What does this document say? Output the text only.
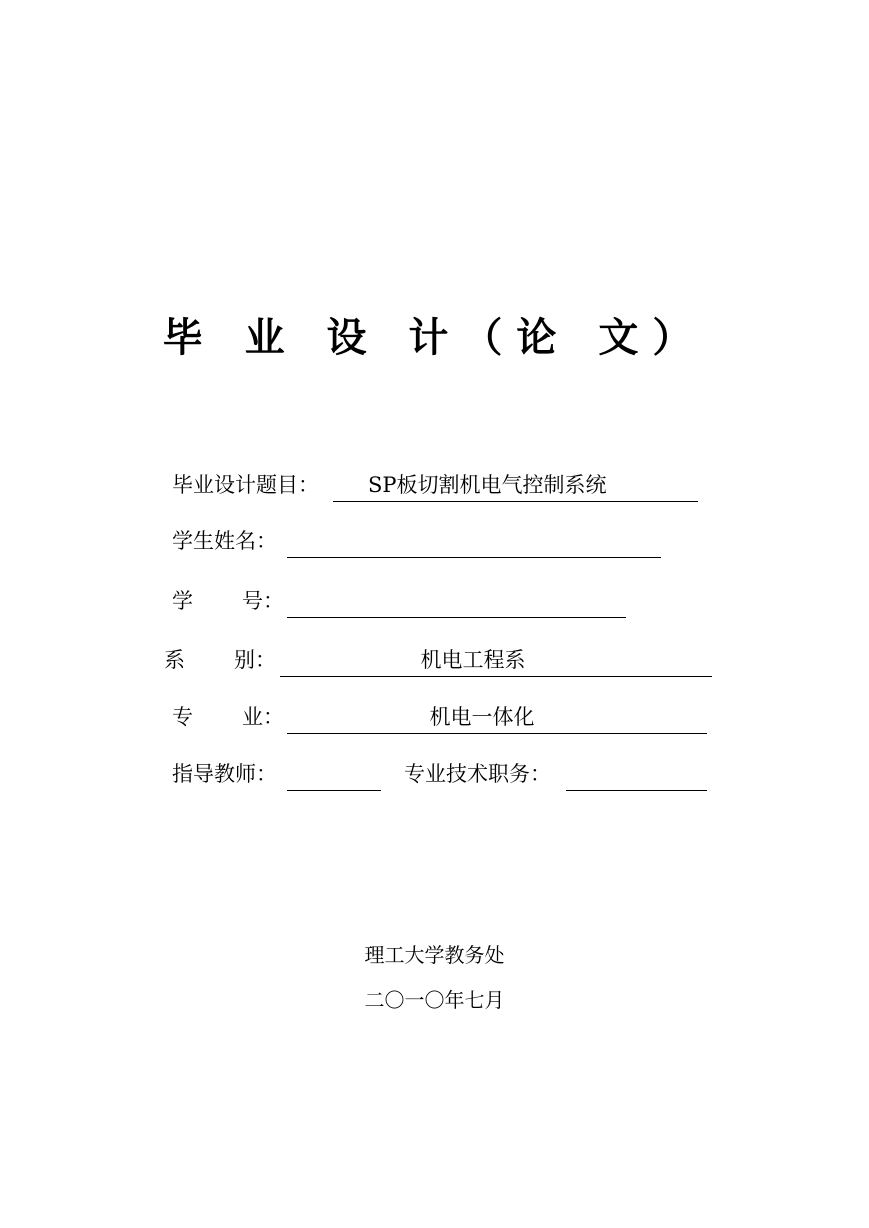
毕 业 设 计（论 文）
毕业设计题目：	SP板切割机电气控制系统
学生姓名：
学 号：
系 别：	机电工程系
专 业：	机电一体化
指导教师：	专业技术职务：
理工大学教务处
二〇一〇年七月
